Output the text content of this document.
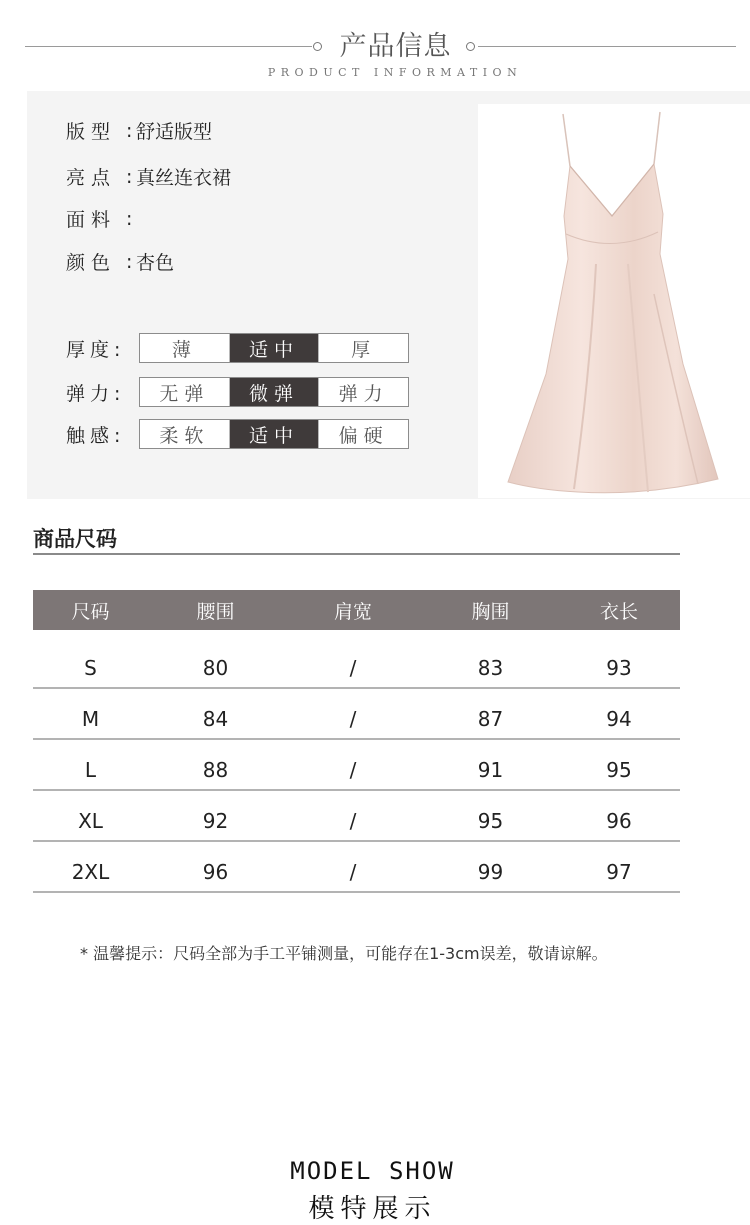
产品信息
PRODUCT INFORMATION
版型 : 舒适版型
亮点 : 真丝连衣裙
面料 :
颜色 : 杏色
厚度:	薄	适中	厚
弹力:	无弹	微弹	弹力
触感:	柔软	适中	偏硬
商品尺码
尺码	腰围	肩宽	胸围	衣长
S	80	/	83	93
M	84	/	87	94
L	88	/	91	95
XL	92	/	95	96
2XL	96	/	99	97
* 温馨提示：尺码全部为手工平铺测量，可能存在1-3cm误差，敬请谅解。
MODEL SHOW
模特展示
